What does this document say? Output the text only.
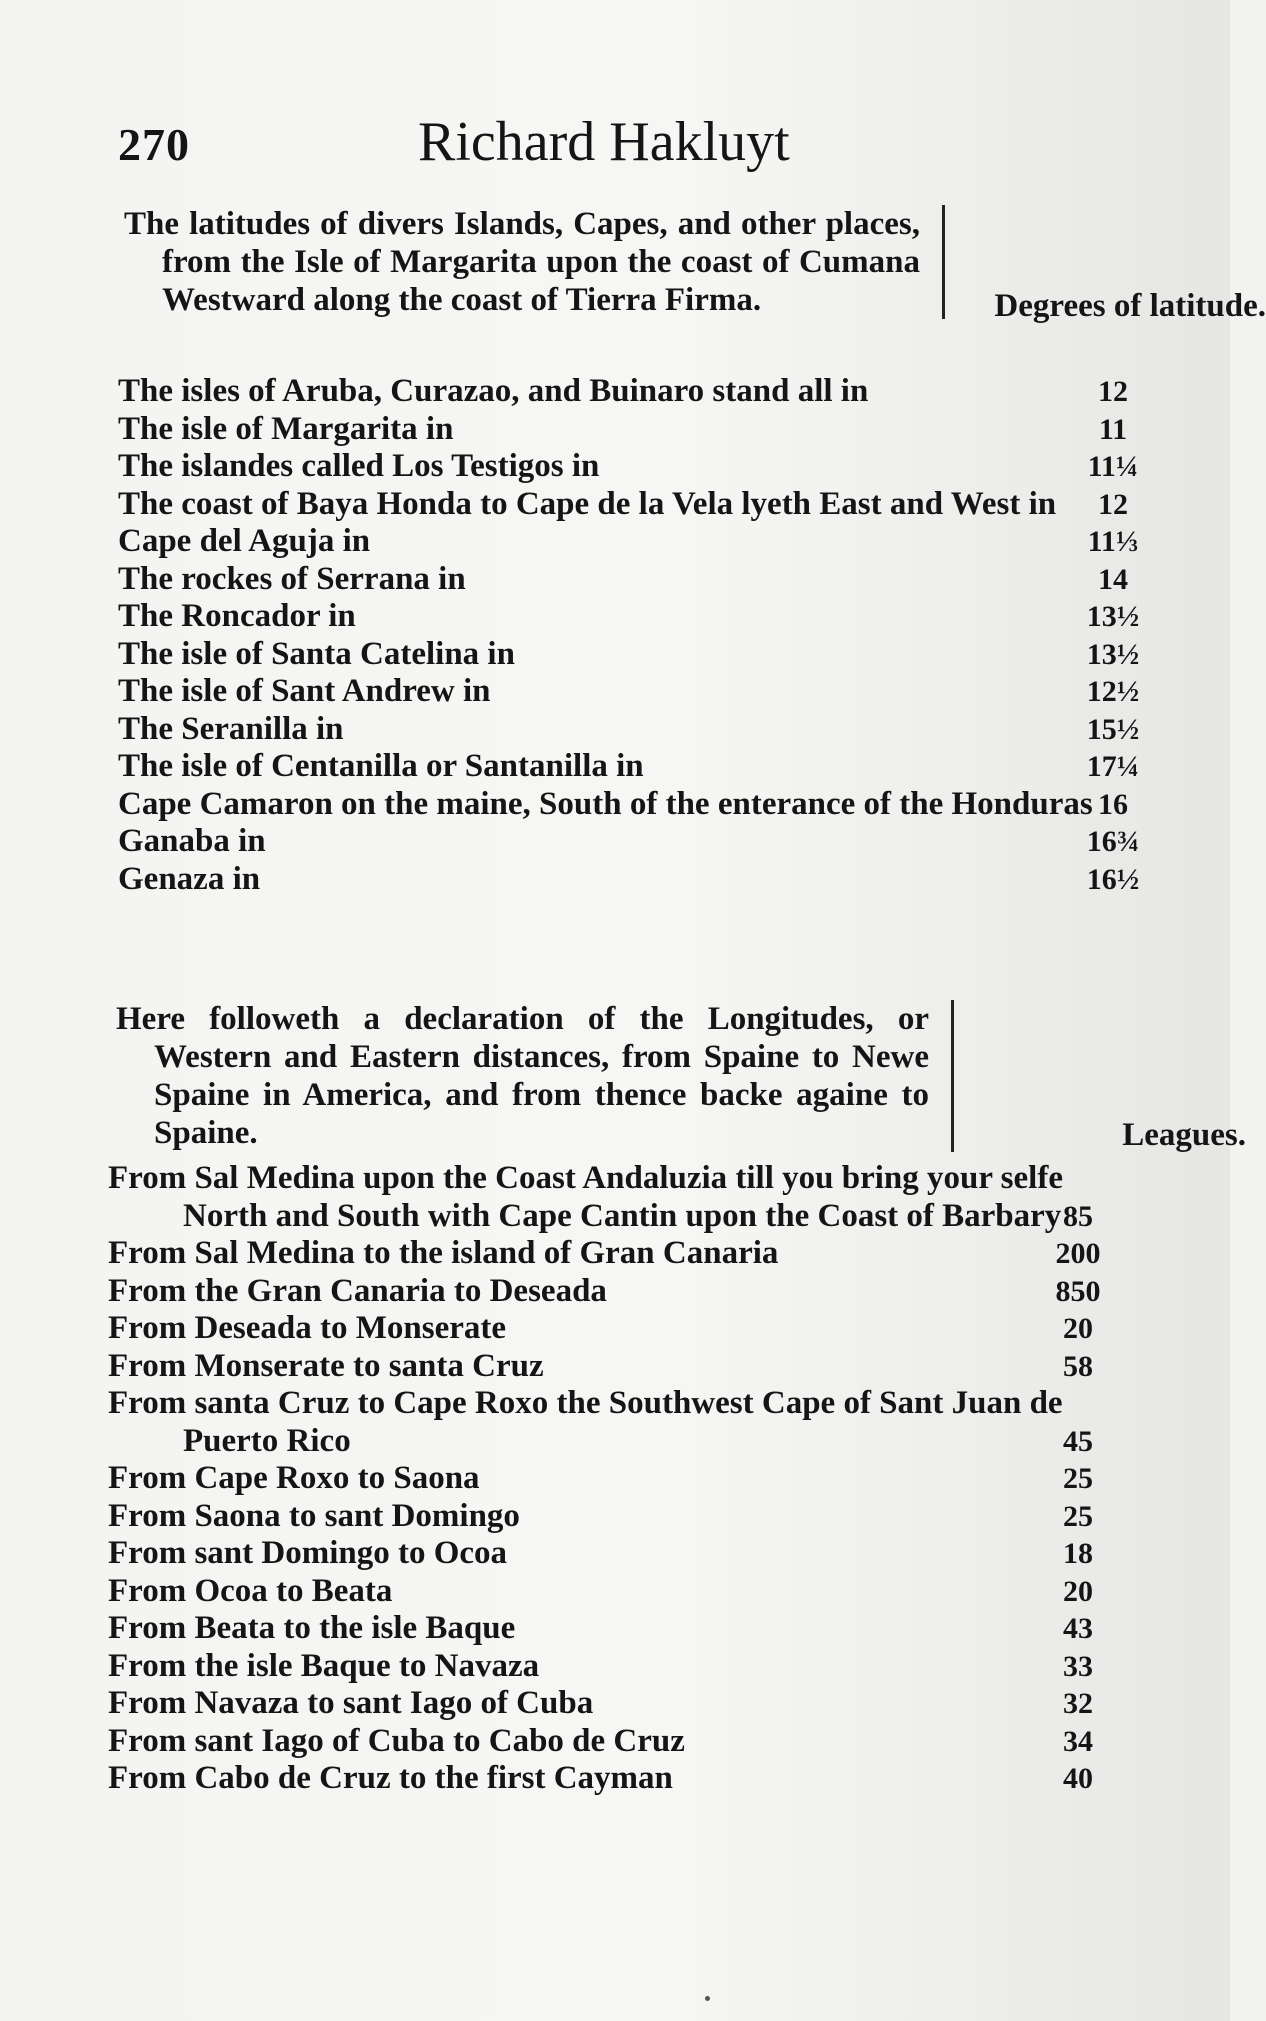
270	Richard Hakluyt
The latitudes of divers Islands, Capes, and other places, from the Isle of Margarita upon the coast of Cumana Westward along the coast of Tierra Firma.	Degrees of latitude.
The isles of Aruba, Curazao, and Buinaro stand all in	12
The isle of Margarita in	11
The islandes called Los Testigos in	11¼
The coast of Baya Honda to Cape de la Vela lyeth East and West in	12
Cape del Aguja in	11⅓
The rockes of Serrana in	14
The Roncador in	13½
The isle of Santa Catelina in	13½
The isle of Sant Andrew in	12½
The Seranilla in	15½
The isle of Centanilla or Santanilla in	17¼
Cape Camaron on the maine, South of the enterance of the Honduras 16
Ganaba in	16¾
Genaza in	16½
Here followeth a declaration of the Longitudes, or Western and Eastern distances, from Spaine to Newe Spaine in America, and from thence backe againe to Spaine.	Leagues.
From Sal Medina upon the Coast Andaluzia till you bring your selfe North and South with Cape Cantin upon the Coast of Barbary 85
From Sal Medina to the island of Gran Canaria	200
From the Gran Canaria to Deseada	850
From Deseada to Monserate	20
From Monserate to santa Cruz	58
From santa Cruz to Cape Roxo the Southwest Cape of Sant Juan de Puerto Rico	45
From Cape Roxo to Saona	25
From Saona to sant Domingo	25
From sant Domingo to Ocoa	18
From Ocoa to Beata	20
From Beata to the isle Baque	43
From the isle Baque to Navaza	33
From Navaza to sant Iago of Cuba	32
From sant Iago of Cuba to Cabo de Cruz	34
From Cabo de Cruz to the first Cayman	40
